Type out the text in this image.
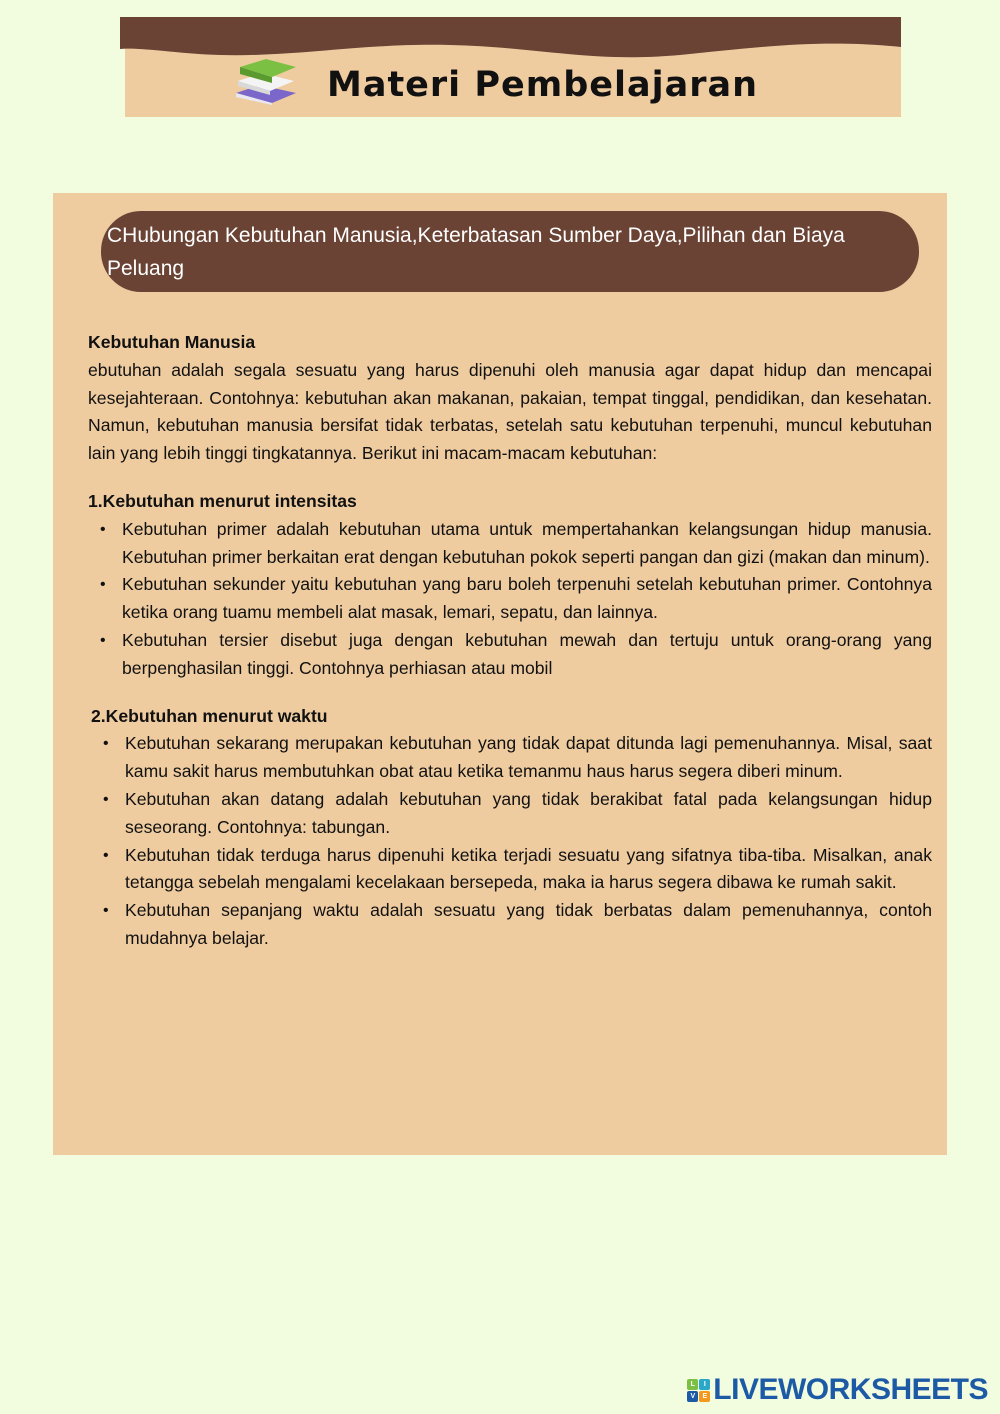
Materi Pembelajaran
CHubungan Kebutuhan Manusia,Keterbatasan Sumber Daya,Pilihan dan Biaya Peluang
Kebutuhan Manusia

ebutuhan adalah segala sesuatu yang harus dipenuhi oleh manusia agar dapat hidup dan mencapai kesejahteraan. Contohnya: kebutuhan akan makanan, pakaian, tempat tinggal, pendidikan, dan kesehatan. Namun, kebutuhan manusia bersifat tidak terbatas, setelah satu kebutuhan terpenuhi, muncul kebutuhan lain yang lebih tinggi tingkatannya. Berikut ini macam-macam kebutuhan:

1.Kebutuhan menurut intensitas
• Kebutuhan primer adalah kebutuhan utama untuk mempertahankan kelangsungan hidup manusia. Kebutuhan primer berkaitan erat dengan kebutuhan pokok seperti pangan dan gizi (makan dan minum).
• Kebutuhan sekunder yaitu kebutuhan yang baru boleh terpenuhi setelah kebutuhan primer. Contohnya ketika orang tuamu membeli alat masak, lemari, sepatu, dan lainnya.
• Kebutuhan tersier disebut juga dengan kebutuhan mewah dan tertuju untuk orang-orang yang berpenghasilan tinggi. Contohnya perhiasan atau mobil
2.Kebutuhan menurut waktu
• Kebutuhan sekarang merupakan kebutuhan yang tidak dapat ditunda lagi pemenuhannya. Misal, saat kamu sakit harus membutuhkan obat atau ketika temanmu haus harus segera diberi minum.
• Kebutuhan akan datang adalah kebutuhan yang tidak berakibat fatal pada kelangsungan hidup seseorang. Contohnya: tabungan.
• Kebutuhan tidak terduga harus dipenuhi ketika terjadi sesuatu yang sifatnya tiba-tiba. Misalkan, anak tetangga sebelah mengalami kecelakaan bersepeda, maka ia harus segera dibawa ke rumah sakit.
• Kebutuhan sepanjang waktu adalah sesuatu yang tidak berbatas dalam pemenuhannya, contoh mudahnya belajar.
L	I
V	E LIVEWORKSHEETS
